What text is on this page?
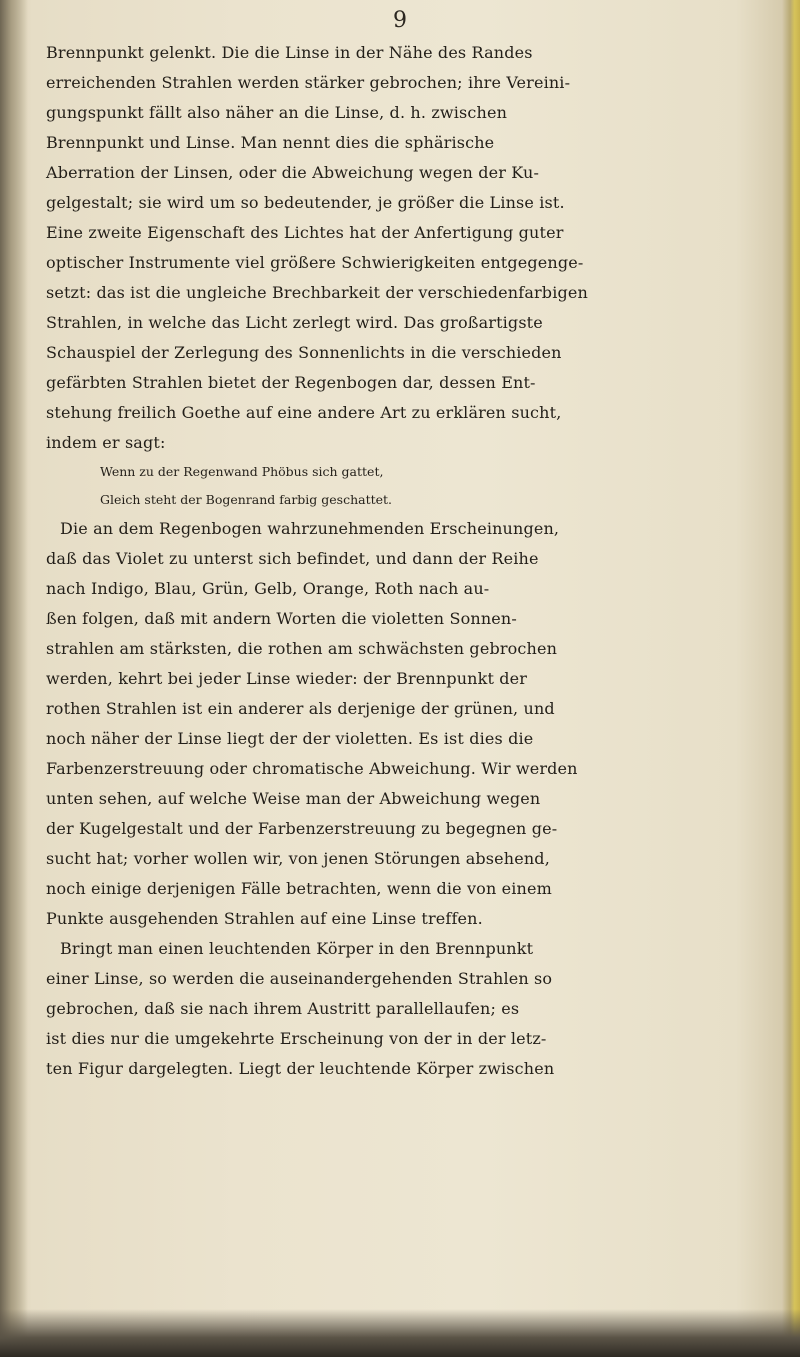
9
Brennpunkt gelenkt. Die die Linse in der Nähe des Randes
erreichenden Strahlen werden stärker gebrochen; ihre Vereini-
gungspunkt fällt also näher an die Linse, d. h. zwischen
Brennpunkt und Linse. Man nennt dies die sphärische
Aberration der Linsen, oder die Abweichung wegen der Ku-
gelgestalt; sie wird um so bedeutender, je größer die Linse ist.
Eine zweite Eigenschaft des Lichtes hat der Anfertigung guter
optischer Instrumente viel größere Schwierigkeiten entgegenge-
setzt: das ist die ungleiche Brechbarkeit der verschiedenfarbigen
Strahlen, in welche das Licht zerlegt wird. Das großartigste
Schauspiel der Zerlegung des Sonnenlichts in die verschieden
gefärbten Strahlen bietet der Regenbogen dar, dessen Ent-
stehung freilich Goethe auf eine andere Art zu erklären sucht,
indem er sagt:
Wenn zu der Regenwand Phöbus sich gattet,
Gleich steht der Bogenrand farbig geschattet.
Die an dem Regenbogen wahrzunehmenden Erscheinungen,
daß das Violet zu unterst sich befindet, und dann der Reihe
nach Indigo, Blau, Grün, Gelb, Orange, Roth nach au-
ßen folgen, daß mit andern Worten die violetten Sonnen-
strahlen am stärksten, die rothen am schwächsten gebrochen
werden, kehrt bei jeder Linse wieder: der Brennpunkt der
rothen Strahlen ist ein anderer als derjenige der grünen, und
noch näher der Linse liegt der der violetten. Es ist dies die
Farbenzerstreuung oder chromatische Abweichung. Wir werden
unten sehen, auf welche Weise man der Abweichung wegen
der Kugelgestalt und der Farbenzerstreuung zu begegnen ge-
sucht hat; vorher wollen wir, von jenen Störungen absehend,
noch einige derjenigen Fälle betrachten, wenn die von einem
Punkte ausgehenden Strahlen auf eine Linse treffen.
Bringt man einen leuchtenden Körper in den Brennpunkt
einer Linse, so werden die auseinandergehenden Strahlen so
gebrochen, daß sie nach ihrem Austritt parallellaufen; es
ist dies nur die umgekehrte Erscheinung von der in der letz-
ten Figur dargelegten. Liegt der leuchtende Körper zwischen
